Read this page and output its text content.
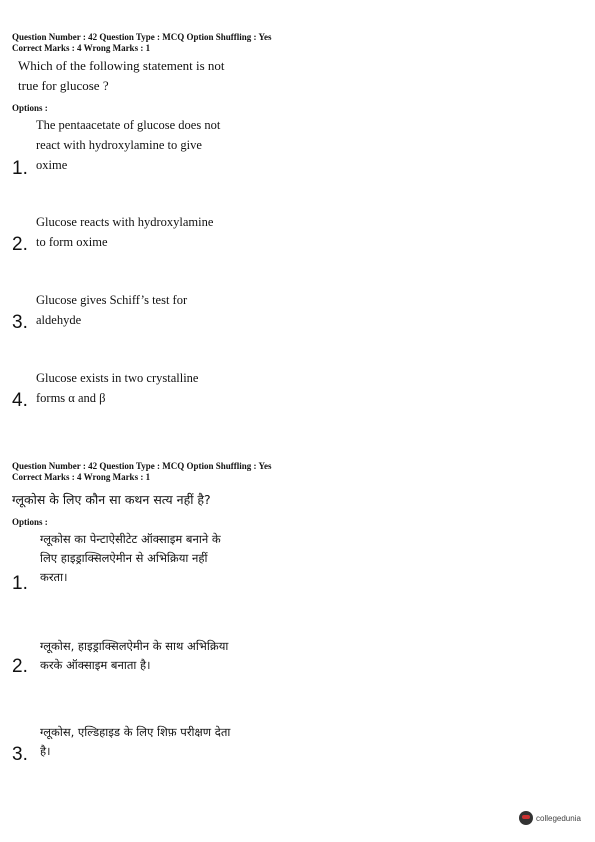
Question Number : 42 Question Type : MCQ Option Shuffling : Yes
Correct Marks : 4 Wrong Marks : 1
Which of the following statement is not
true for glucose ?
Options :
1.
The pentaacetate of glucose does not
react with hydroxylamine to give
oxime
2.
Glucose reacts with hydroxylamine
to form oxime
3.
Glucose gives Schiff’s test for
aldehyde
4.
Glucose exists in two crystalline
forms α and β
Question Number : 42 Question Type : MCQ Option Shuffling : Yes
Correct Marks : 4 Wrong Marks : 1
ग्लूकोस के लिए कौन सा कथन सत्य नहीं है?
Options :
1.
ग्लूकोस का पेन्टाऐसीटेट ऑक्साइम बनाने के
लिए हाइड्राक्सिलऐमीन से अभिक्रिया नहीं
करता।
2.
ग्लूकोस, हाइड्राक्सिलऐमीन के साथ अभिक्रिया
करके ऑक्साइम बनाता है।
3.
ग्लूकोस, एल्डिहाइड के लिए शिफ़ परीक्षण देता
है।
collegedunia
